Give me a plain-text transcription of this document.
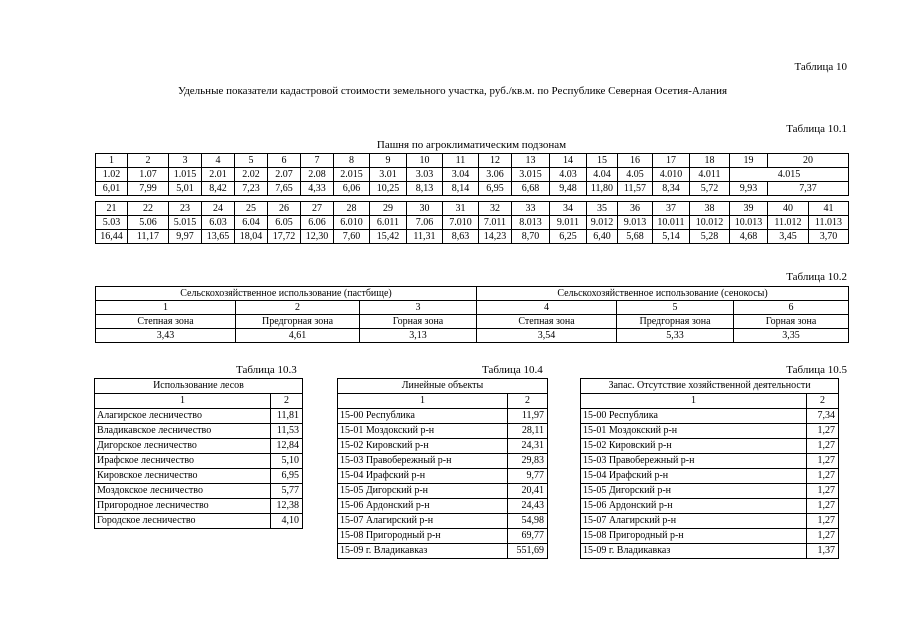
Таблица 10
Удельные показатели кадастровой стоимости земельного участка, руб./кв.м. по Республике Северная Осетия-Алания
Таблица 10.1
Пашня по агроклиматическим подзонам
1	2	3	4	5	6	7	8	9	10	11	12	13	14	15	16	17	18	19	20	
1.02	1.07	1.015	2.01	2.02	2.07	2.08	2.015	3.01	3.03	3.04	3.06	3.015	4.03	4.04	4.05	4.010	4.011	4.015		
6,01	7,99	5,01	8,42	7,23	7,65	4,33	6,06	10,25	8,13	8,14	6,95	6,68	9,48	11,80	11,57	8,34	5,72	9,93	7,37	

21	22	23	24	25	26	27	28	29	30	31	32	33	34	35	36	37	38	39	40	41
5.03	5.06	5.015	6.03	6.04	6.05	6.06	6.010	6.011	7.06	7.010	7.011	8.013	9.011	9.012	9.013	10.011	10.012	10.013	11.012	11.013
16,44	11,17	9,97	13,65	18,04	17,72	12,30	7,60	15,42	11,31	8,63	14,23	8,70	6,25	6,40	5,68	5,14	5,28	4,68	3,45	3,70
Таблица 10.2
Сельскохозяйственное использование (пастбище)			Сельскохозяйственное использование (сенокосы)		
1	2	3	4	5	6
Степная зона	Предгорная зона	Горная зона	Степная зона	Предгорная зона	Горная зона
3,43	4,61	3,13	3,54	5,33	3,35
Таблица 10.3
Использование лесов	
1	2
Алагирское лесничество	11,81
Владикавское лесничество	11,53
Дигорское лесничество	12,84
Ирафское лесничество	5,10
Кировское лесничество	6,95
Моздокское лесничество	5,77
Пригородное лесничество	12,38
Городское лесничество	4,10
Таблица 10.4
Линейные объекты	
1	2
15-00 Республика	11,97
15-01 Моздокский р-н	28,11
15-02 Кировский р-н	24,31
15-03 Правобережный р-н	29,83
15-04 Ирафский р-н	9,77
15-05 Дигорский р-н	20,41
15-06 Ардонский р-н	24,43
15-07 Алагирский р-н	54,98
15-08 Пригородный р-н	69,77
15-09 г. Владикавказ	551,69
Таблица 10.5
Запас. Отсутствие хозяйственной деятельности	
1	2
15-00 Республика	7,34
15-01 Моздокский р-н	1,27
15-02 Кировский р-н	1,27
15-03 Правобережный р-н	1,27
15-04 Ирафский р-н	1,27
15-05 Дигорский р-н	1,27
15-06 Ардонский р-н	1,27
15-07 Алагирский р-н	1,27
15-08 Пригородный р-н	1,27
15-09 г. Владикавказ	1,37
